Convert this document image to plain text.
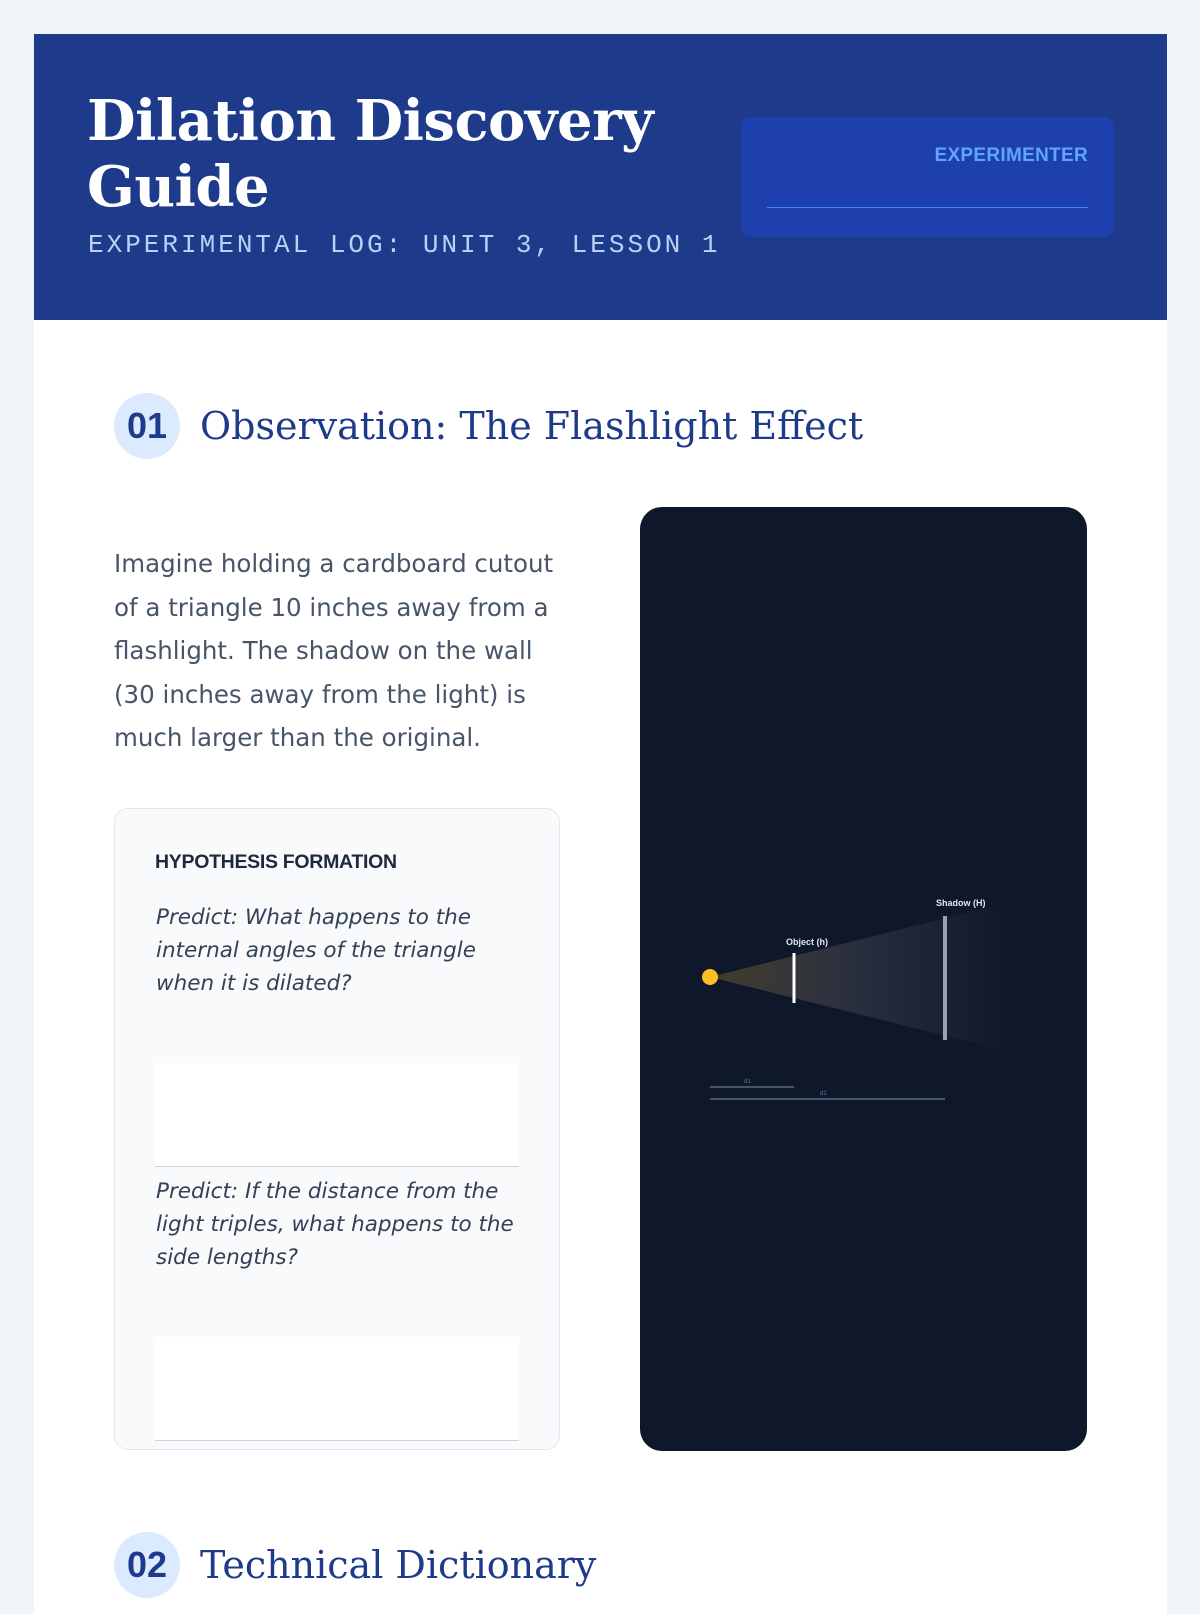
Dilation Discovery Guide
EXPERIMENTAL LOG: UNIT 3, LESSON 1
EXPERIMENTER
01 Observation: The Flashlight Effect
Imagine holding a cardboard cutout of a triangle 10 inches away from a flashlight. The shadow on the wall (30 inches away from the light) is much larger than the original.
HYPOTHESIS FORMATION
Predict: What happens to the internal angles of the triangle when it is dilated?
Predict: If the distance from the light triples, what happens to the side lengths?
Object (h)
Shadow (H)
d1
d2
02 Technical Dictionary
